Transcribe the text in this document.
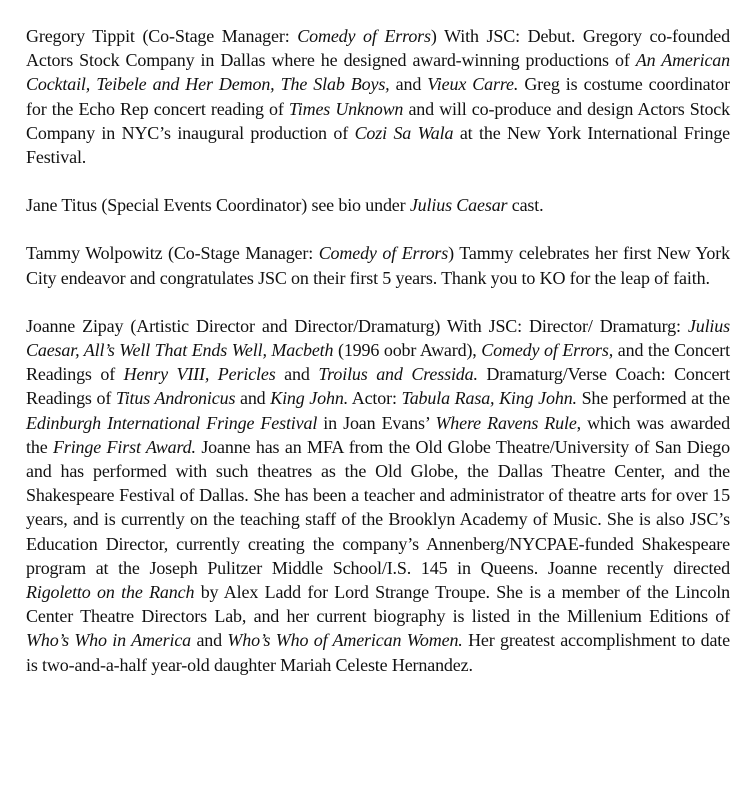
Gregory Tippit (Co-Stage Manager: Comedy of Errors) With JSC: Debut. Gregory co-founded Actors Stock Company in Dallas where he designed award-winning productions of An American Cocktail, Teibele and Her Demon, The Slab Boys, and Vieux Carre. Greg is costume coordinator for the Echo Rep concert reading of Times Unknown and will co-produce and design Actors Stock Company in NYC’s inaugural production of Cozi Sa Wala at the New York International Fringe Festival.

Jane Titus (Special Events Coordinator) see bio under Julius Caesar cast.

Tammy Wolpowitz (Co-Stage Manager: Comedy of Errors) Tammy celebrates her first New York City endeavor and congratulates JSC on their first 5 years. Thank you to KO for the leap of faith.

Joanne Zipay (Artistic Director and Director/Dramaturg) With JSC: Director/ Dramaturg: Julius Caesar, All’s Well That Ends Well, Macbeth (1996 oobr Award), Comedy of Errors, and the Concert Readings of Henry VIII, Pericles and Troilus and Cressida. Dramaturg/Verse Coach: Concert Readings of Titus Andronicus and King John. Actor: Tabula Rasa, King John. She performed at the Edinburgh International Fringe Festival in Joan Evans’ Where Ravens Rule, which was awarded the Fringe First Award. Joanne has an MFA from the Old Globe Theatre/University of San Diego and has performed with such theatres as the Old Globe, the Dallas Theatre Center, and the Shakespeare Festival of Dallas. She has been a teacher and administrator of theatre arts for over 15 years, and is currently on the teaching staff of the Brooklyn Academy of Music. She is also JSC’s Education Director, currently creating the company’s Annenberg/NYCPAE-funded Shakespeare program at the Joseph Pulitzer Middle School/I.S. 145 in Queens. Joanne recently directed Rigoletto on the Ranch by Alex Ladd for Lord Strange Troupe. She is a member of the Lincoln Center Theatre Directors Lab, and her current biography is listed in the Millenium Editions of Who’s Who in America and Who’s Who of American Women. Her greatest accomplishment to date is two-and-a-half year-old daughter Mariah Celeste Hernandez.
